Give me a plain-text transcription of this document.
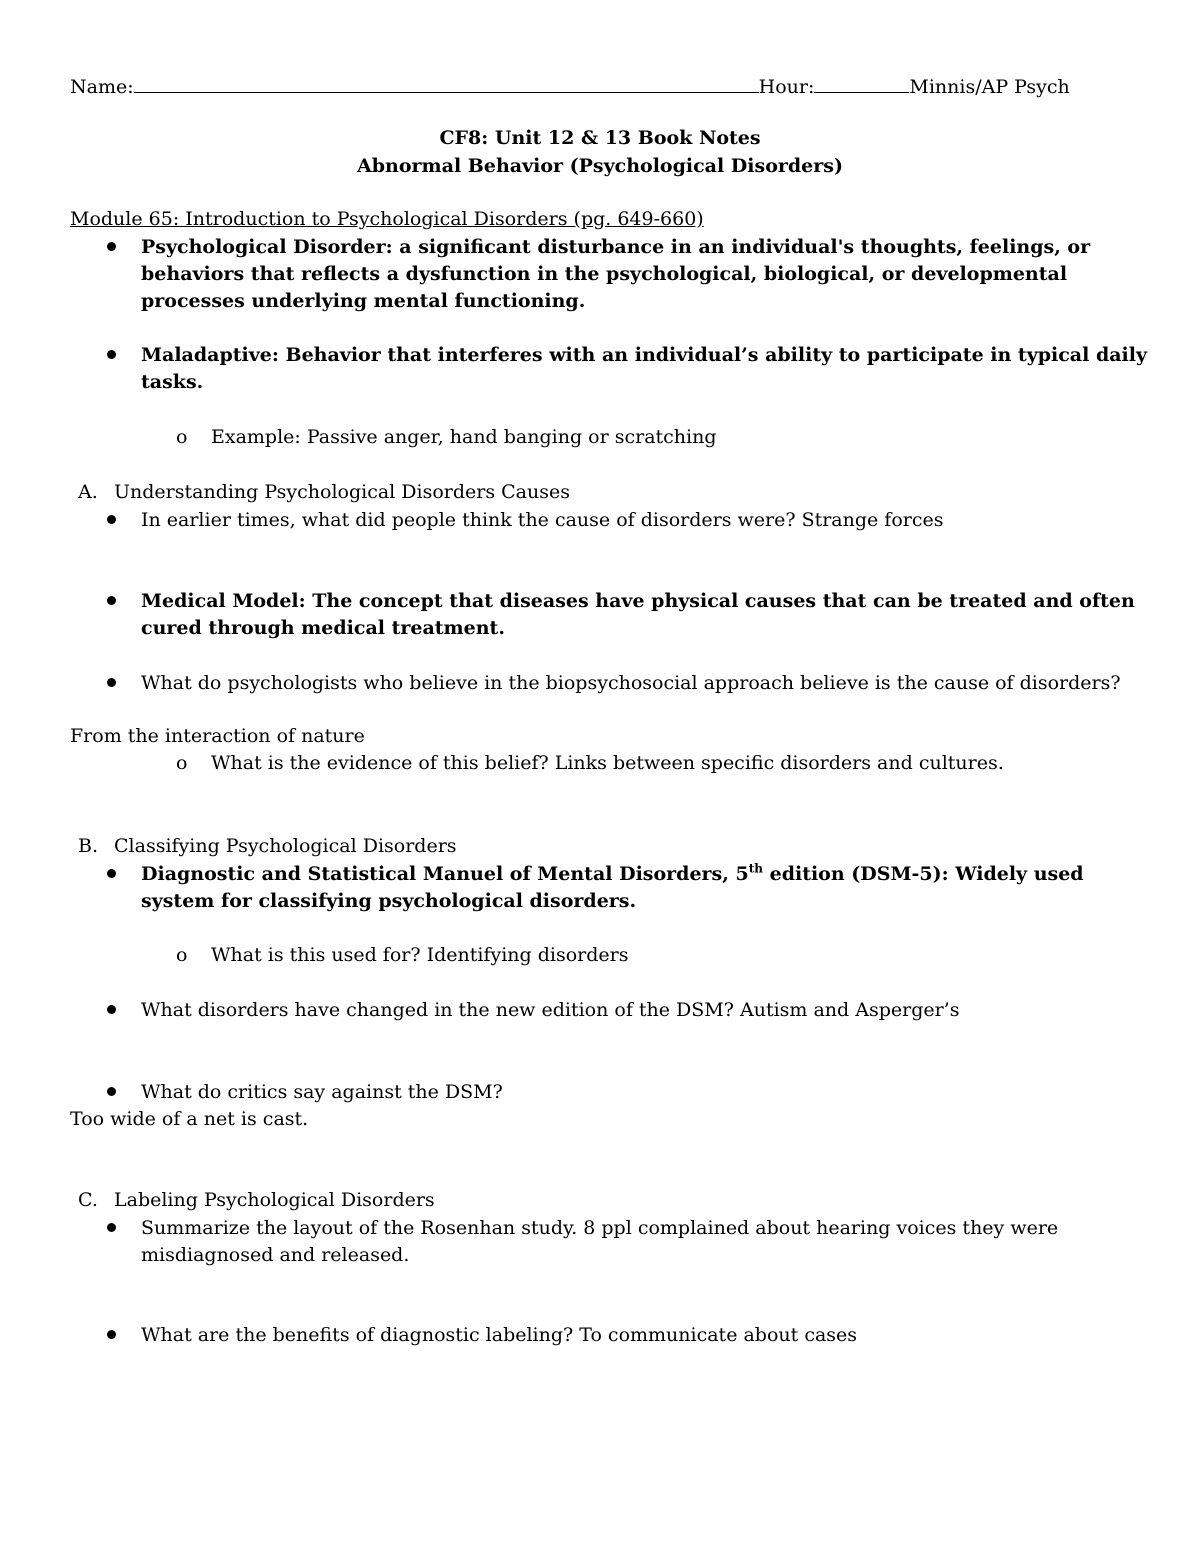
Name:	Hour:	Minnis/AP Psych
CF8: Unit 12 & 13 Book Notes
Abnormal Behavior (Psychological Disorders)
Module 65: Introduction to Psychological Disorders (pg. 649-660)
Psychological Disorder: a significant disturbance in an individual's thoughts, feelings, or
behaviors that reflects a dysfunction in the psychological, biological, or developmental
processes underlying mental functioning.
Maladaptive: Behavior that interferes with an individual’s ability to participate in typical daily
tasks.
o Example: Passive anger, hand banging or scratching
A. Understanding Psychological Disorders Causes
In earlier times, what did people think the cause of disorders were? Strange forces
Medical Model: The concept that diseases have physical causes that can be treated and often
cured through medical treatment.
What do psychologists who believe in the biopsychosocial approach believe is the cause of disorders?
From the interaction of nature
o What is the evidence of this belief? Links between specific disorders and cultures.
B. Classifying Psychological Disorders
Diagnostic and Statistical Manuel of Mental Disorders, 5th edition (DSM-5): Widely used
system for classifying psychological disorders.
o What is this used for? Identifying disorders
What disorders have changed in the new edition of the DSM? Autism and Asperger’s
What do critics say against the DSM?
Too wide of a net is cast.
C. Labeling Psychological Disorders
Summarize the layout of the Rosenhan study. 8 ppl complained about hearing voices they were
misdiagnosed and released.
What are the benefits of diagnostic labeling? To communicate about cases
